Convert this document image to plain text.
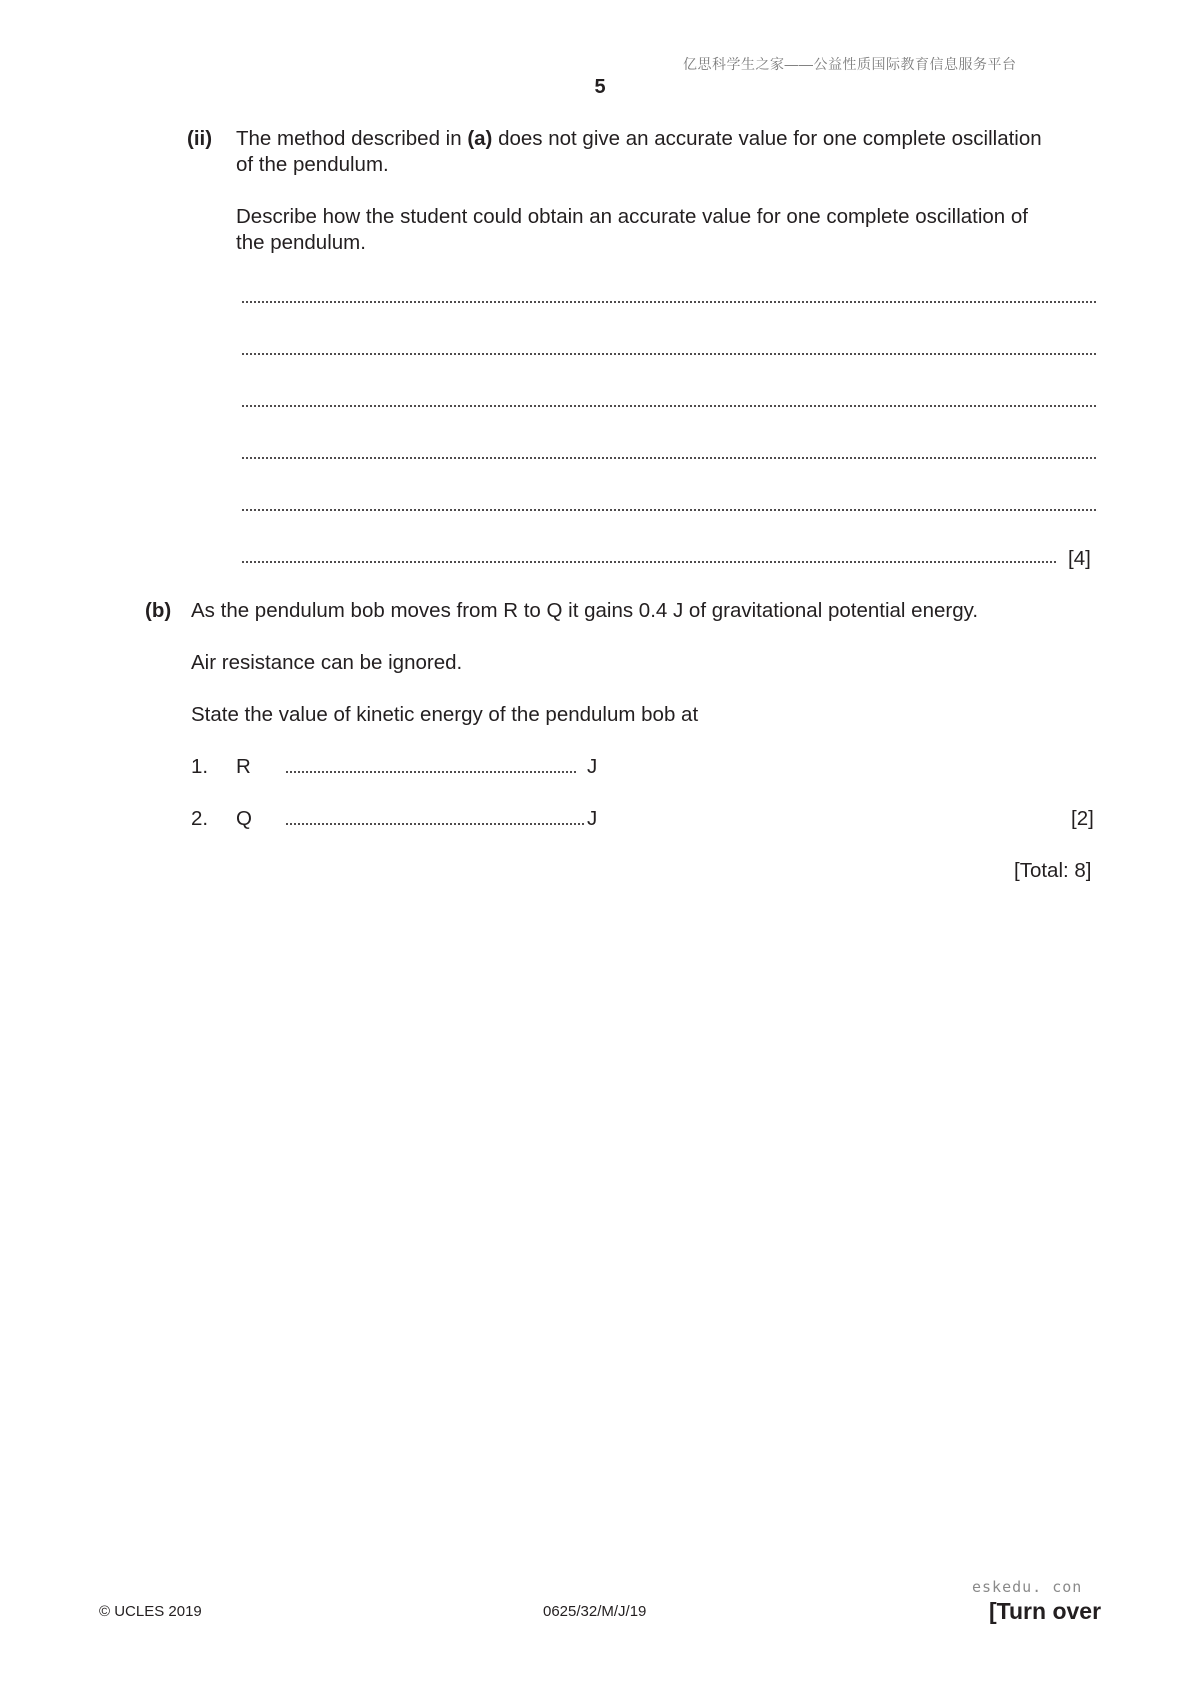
亿思科学生之家——公益性质国际教育信息服务平台
5
(ii) The method described in (a) does not give an accurate value for one complete oscillation
of the pendulum.
Describe how the student could obtain an accurate value for one complete oscillation of
the pendulum.
[4]
(b) As the pendulum bob moves from R to Q it gains 0.4 J of gravitational potential energy.
Air resistance can be ignored.
State the value of kinetic energy of the pendulum bob at
1. R	J
2. Q	J	[2]
[Total: 8]
© UCLES 2019	0625/32/M/J/19
eskedu. con
[Turn over
